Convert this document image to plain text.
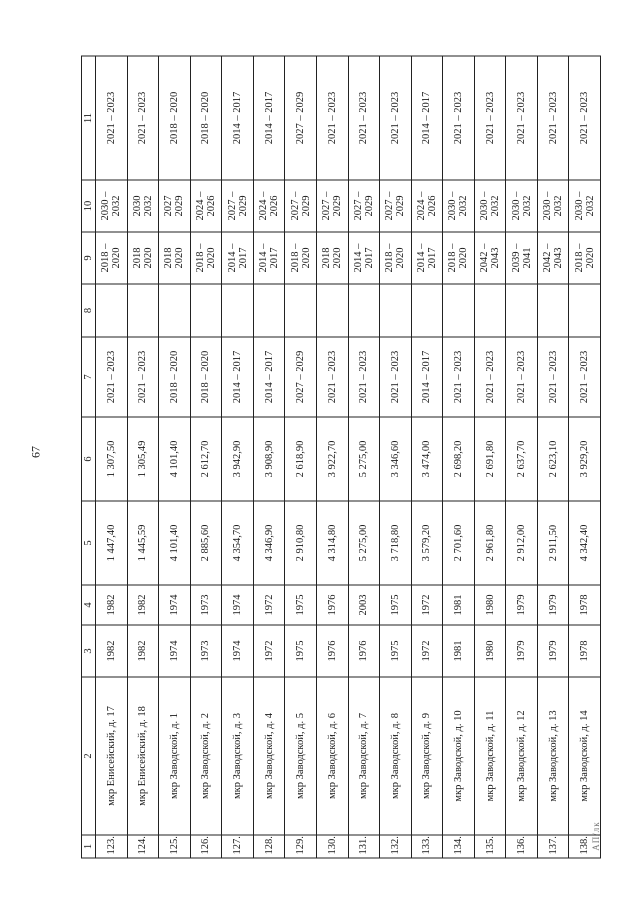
67
АП/лк
1	2	3	4	5	6	7	8	9	10	11
123.	мкр Енисейский, д. 17	1982	1982	1 447,40	1 307,50	2021 – 2023		2018 – 2020	2030 – 2032	2021 – 2023
124.	мкр Енисейский, д. 18	1982	1982	1 445,59	1 305,49	2021 – 2023		2018 2020	2030 2032	2021 – 2023
125.	мкр Заводской, д. 1	1974	1974	4 101,40	4 101,40	2018 – 2020		2018 2020	2027 2029	2018 – 2020
126.	мкр Заводской, д. 2	1973	1973	2 885,60	2 612,70	2018 – 2020		2018 – 2020	2024 – 2026	2018 – 2020
127.	мкр Заводской, д. 3	1974	1974	4 354,70	3 942,90	2014 – 2017		2014 – 2017	2027 – 2029	2014 – 2017
128.	мкр Заводской, д. 4	1972	1972	4 346,90	3 908,90	2014 – 2017		2014 – 2017	2024 – 2026	2014 – 2017
129.	мкр Заводской, д. 5	1975	1975	2 910,80	2 618,90	2027 – 2029		2018 – 2020	2027 – 2029	2027 – 2029
130.	мкр Заводской, д. 6	1976	1976	4 314,80	3 922,70	2021 – 2023		2018 2020	2027 – 2029	2021 – 2023
131.	мкр Заводской, д. 7	1976	2003	5 275,00	5 275,00	2021 – 2023		2014 – 2017	2027 – 2029	2021 – 2023
132.	мкр Заводской, д. 8	1975	1975	3 718,80	3 346,60	2021 – 2023		2018 – 2020	2027 – 2029	2021 – 2023
133.	мкр Заводской, д. 9	1972	1972	3 579,20	3 474,00	2014 – 2017		2014 – 2017	2024 – 2026	2014 – 2017
134.	мкр Заводской, д. 10	1981	1981	2 701,60	2 698,20	2021 – 2023		2018 – 2020	2030 – 2032	2021 – 2023
135.	мкр Заводской, д. 11	1980	1980	2 961,80	2 691,80	2021 – 2023		2042 – 2043	2030 – 2032	2021 – 2023
136.	мкр Заводской, д. 12	1979	1979	2 912,00	2 637,70	2021 – 2023		2039 – 2041	2030 – 2032	2021 – 2023
137.	мкр Заводской, д. 13	1979	1979	2 911,50	2 623,10	2021 – 2023		2042 – 2043	2030 – 2032	2021 – 2023
138.	мкр Заводской, д. 14	1978	1978	4 342,40	3 929,20	2021 – 2023		2018 – 2020	2030 – 2032	2021 – 2023
